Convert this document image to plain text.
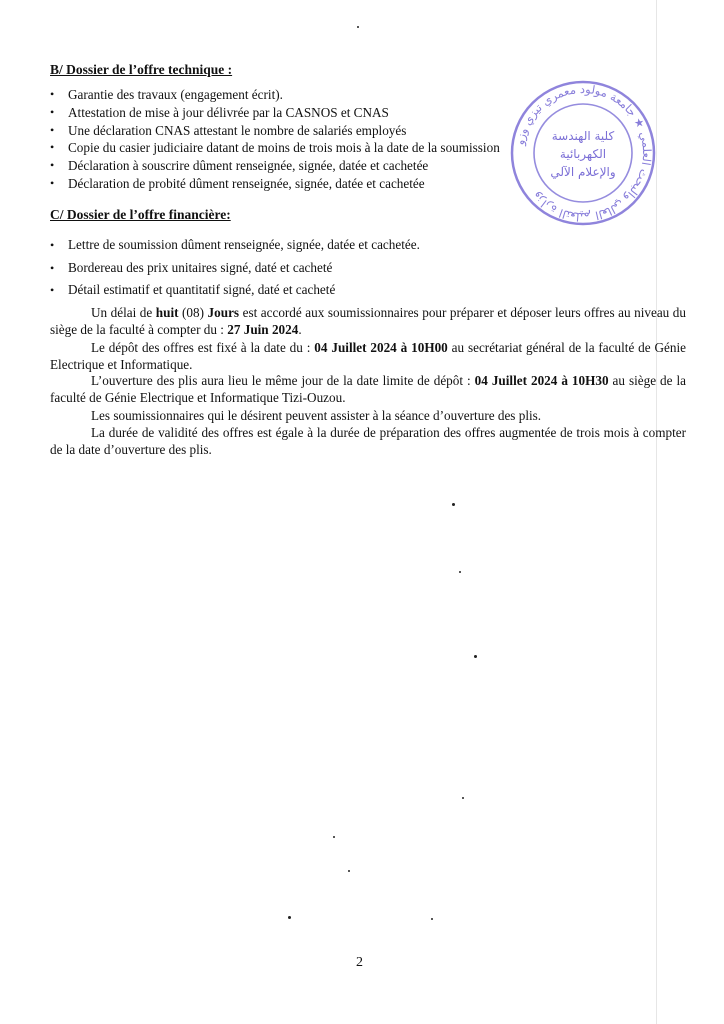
B/ Dossier de l’offre technique :
• Garantie des travaux (engagement écrit).
• Attestation de mise à jour délivrée par la CASNOS et CNAS
• Une déclaration CNAS attestant le nombre de salariés employés
• Copie du casier judiciaire datant de moins de trois mois à la date de la soumission
• Déclaration à souscrire dûment renseignée, signée, datée et cachetée
• Déclaration de probité dûment renseignée, signée, datée et cachetée
C/ Dossier de l’offre financière:
• Lettre de soumission dûment renseignée, signée, datée et cachetée.
• Bordereau des prix unitaires signé, daté et cacheté
• Détail estimatif et quantitatif signé, daté et cacheté
Un délai de huit (08) Jours est accordé aux soumissionnaires pour préparer et déposer leurs offres au niveau du siège de la faculté à compter du : 27 Juin 2024.
Le dépôt des offres est fixé à la date du : 04 Juillet 2024 à 10H00 au secrétariat général de la faculté de Génie Electrique et Informatique.
L’ouverture des plis aura lieu le même jour de la date limite de dépôt : 04 Juillet 2024 à 10H30 au siège de la faculté de Génie Electrique et Informatique Tizi-Ouzou.
Les soumissionnaires qui le désirent peuvent assister à la séance d’ouverture des plis.
La durée de validité des offres est égale à la durée de préparation des offres augmentée de trois mois à compter de la date d’ouverture des plis.
وزارة التعليم العالي والبحث العلمي ★ جامعة مولود معمري تيزي وزو
كلية الهندسة
الكهربائية
والإعلام الآلي
2
